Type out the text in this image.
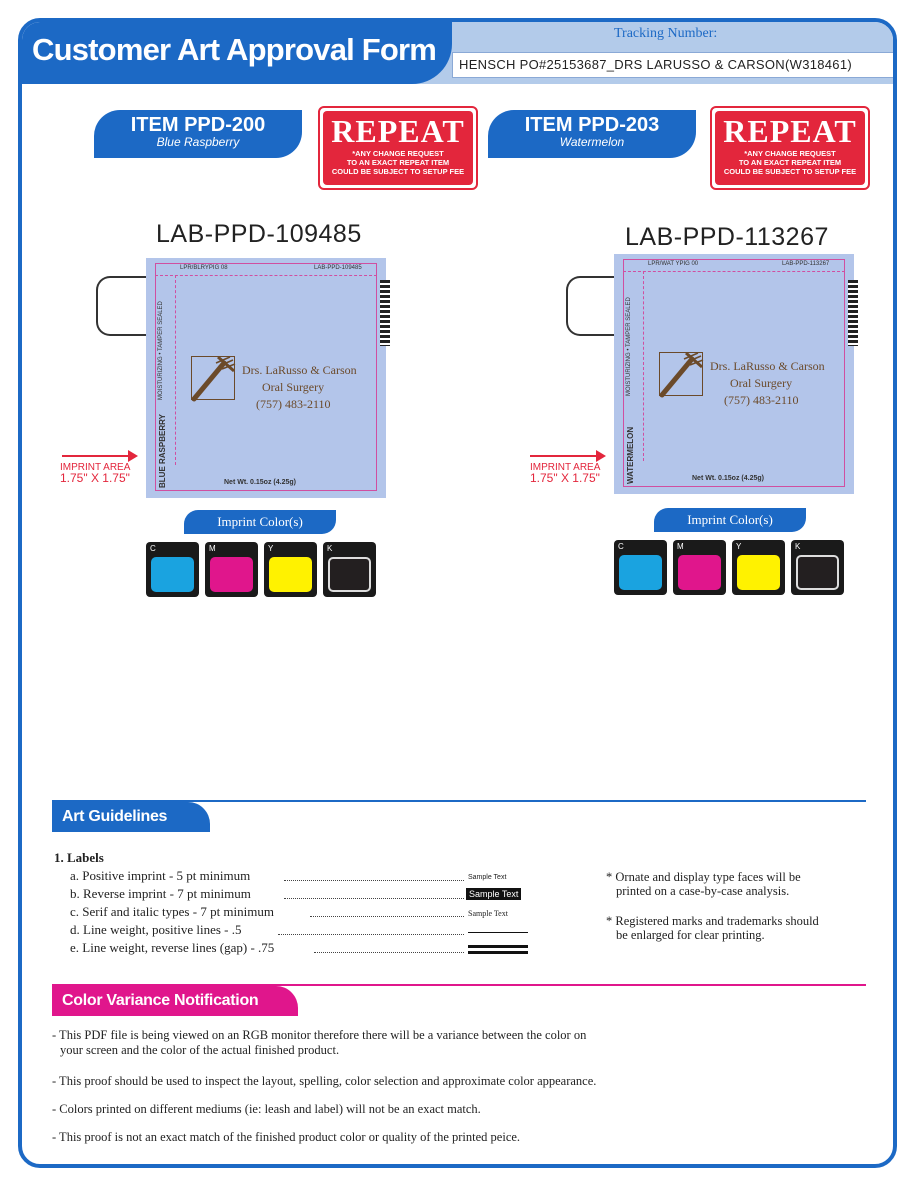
Customer Art Approval Form	Tracking Number:
HENSCH PO#25153687_DRS LARUSSO & CARSON(W318461)
ITEM PPD-200
Blue Raspberry	REPEAT
*ANY CHANGE REQUEST
TO AN EXACT REPEAT ITEM
COULD BE SUBJECT TO SETUP FEE
LAB-PPD-109485
LPR/BLRYPIG 08	LAB-PPD-109485
MOISTURIZING • TAMPER SEALED
BLUE RASPBERRY
Drs. LaRusso & Carson
Oral Surgery
(757) 483-2110
Net Wt. 0.15oz (4.25g)
IMPRINT AREA
1.75" X 1.75"
Imprint Color(s)
C	M	Y	K
ITEM PPD-203
Watermelon	REPEAT
*ANY CHANGE REQUEST
TO AN EXACT REPEAT ITEM
COULD BE SUBJECT TO SETUP FEE
LAB-PPD-113267
LPR/WAT YPIG 00	LAB-PPD-113267
MOISTURIZING • TAMPER SEALED
WATERMELON
Drs. LaRusso & Carson
Oral Surgery
(757) 483-2110
Net Wt. 0.15oz (4.25g)
IMPRINT AREA
1.75" X 1.75"
Imprint Color(s)
C	M	Y	K
Art Guidelines
1. Labels
a. Positive imprint - 5 pt minimum	Sample Text
b. Reverse imprint - 7 pt minimum	Sample Text
c. Serif and italic types - 7 pt minimum	Sample Text
d. Line weight, positive lines - .5
e. Line weight, reverse lines (gap) - .75
* Ornate and display type faces will be
printed on a case-by-case analysis.
* Registered marks and trademarks should
be enlarged for clear printing.
Color Variance Notification
- This PDF file is being viewed on an RGB monitor therefore there will be a variance between the color on
your screen and the color of the actual finished product.
- This proof should be used to inspect the layout, spelling, color selection and approximate color appearance.
- Colors printed on different mediums (ie: leash and label) will not be an exact match.
- This proof is not an exact match of the finished product color or quality of the printed peice.
